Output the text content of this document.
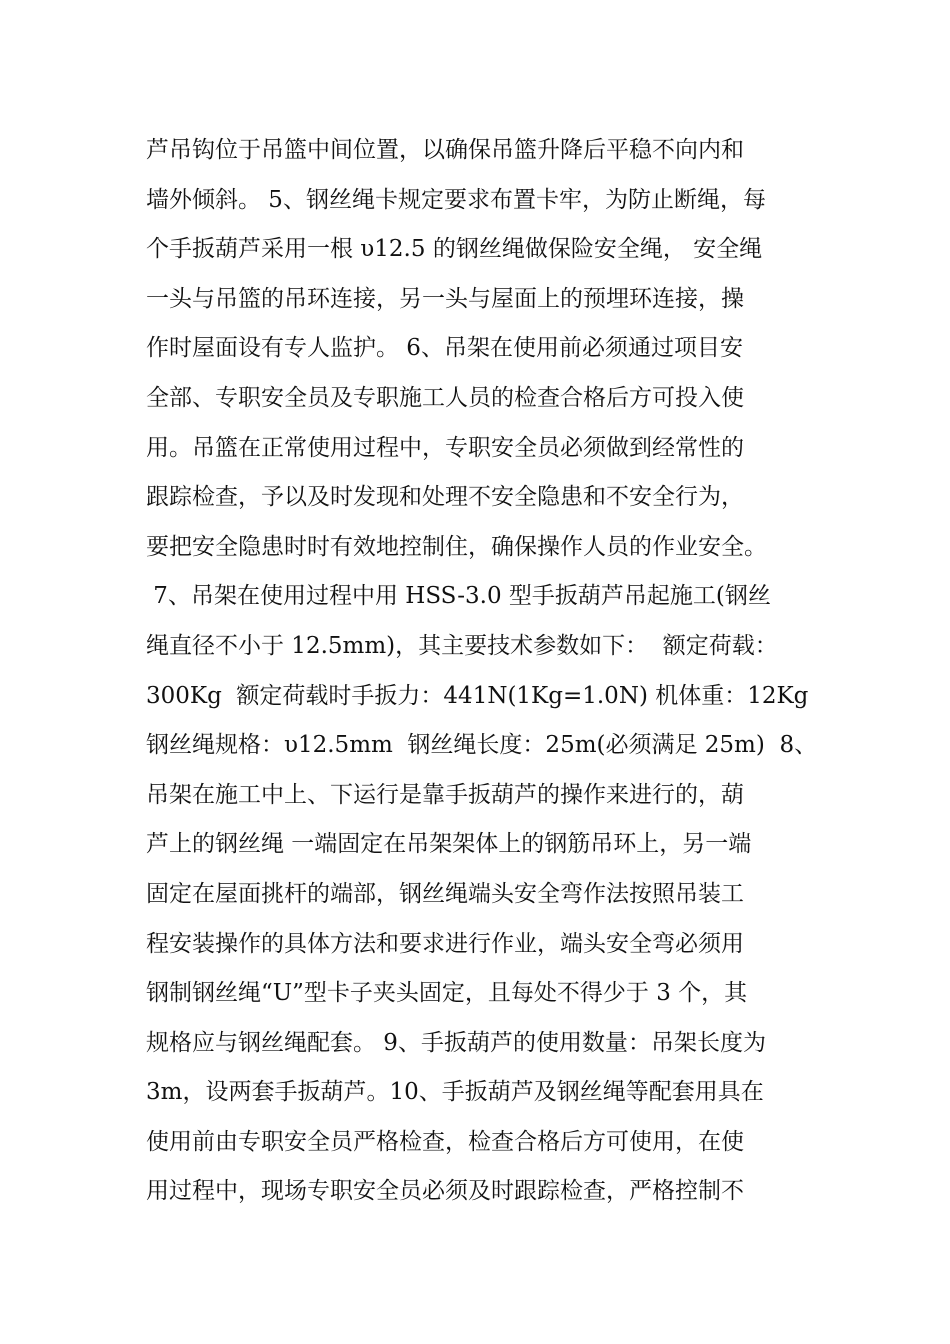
芦吊钩位于吊篮中间位置，以确保吊篮升降后平稳不向内和
墙外倾斜。 5、钢丝绳卡规定要求布置卡牢，为防止断绳，每
个手扳葫芦采用一根 υ12.5 的钢丝绳做保险安全绳， 安全绳
一头与吊篮的吊环连接，另一头与屋面上的预埋环连接，操
作时屋面设有专人监护。 6、吊架在使用前必须通过项目安
全部、专职安全员及专职施工人员的检查合格后方可投入使
用。吊篮在正常使用过程中，专职安全员必须做到经常性的
跟踪检查，予以及时发现和处理不安全隐患和不安全行为，
要把安全隐患时时有效地控制住，确保操作人员的作业安全。
7、吊架在使用过程中用 HSS-3.0 型手扳葫芦吊起施工(钢丝
绳直径不小于 12.5mm)，其主要技术参数如下：  额定荷载：
300Kg  额定荷载时手扳力：441N(1Kg=1.0N) 机体重：12Kg
钢丝绳规格：υ12.5mm  钢丝绳长度：25m(必须满足 25m)  8、
吊架在施工中上、下运行是靠手扳葫芦的操作来进行的，葫
芦上的钢丝绳 一端固定在吊架架体上的钢筋吊环上，另一端
固定在屋面挑杆的端部，钢丝绳端头安全弯作法按照吊装工
程安装操作的具体方法和要求进行作业，端头安全弯必须用
钢制钢丝绳“U”型卡子夹头固定，且每处不得少于 3 个，其
规格应与钢丝绳配套。 9、手扳葫芦的使用数量：吊架长度为
3m，设两套手扳葫芦。10、手扳葫芦及钢丝绳等配套用具在
使用前由专职安全员严格检查，检查合格后方可使用，在使
用过程中，现场专职安全员必须及时跟踪检查，严格控制不
